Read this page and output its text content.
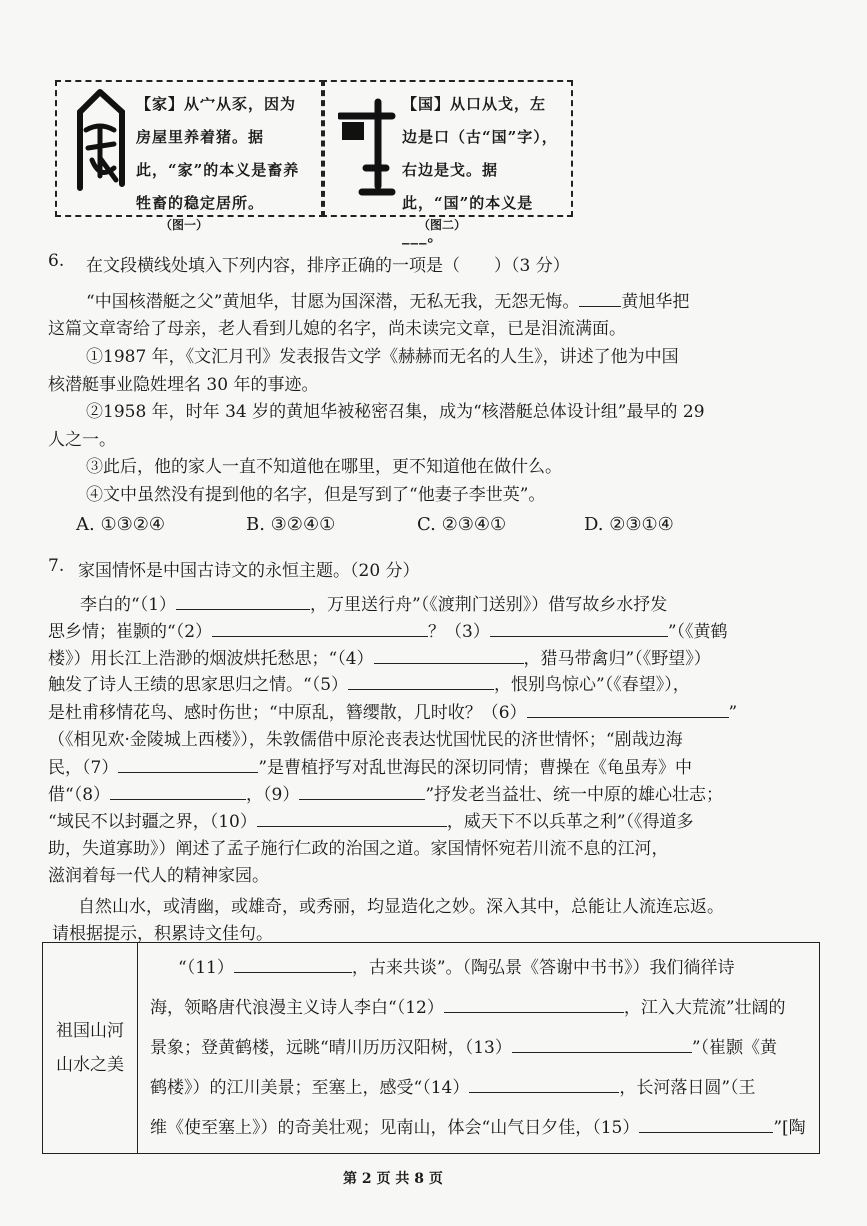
【家】从宀从豕，因为房屋里养着猪。据此，“家”的本义是畜养牲畜的稳定居所。
（图一）
【国】从口从戈，左边是口（古“国”字），右边是戈。据此，“国”的本义是___。
（图二）
6. 在文段横线处填入下列内容，排序正确的一项是（　　）（3 分）
“中国核潜艇之父”黄旭华，甘愿为国深潜，无私无我，无怨无悔。 黄旭华把
这篇文章寄给了母亲，老人看到儿媳的名字，尚未读完文章，已是泪流满面。
①1987 年，《文汇月刊》发表报告文学《赫赫而无名的人生》，讲述了他为中国
核潜艇事业隐姓埋名 30 年的事迹。
②1958 年，时年 34 岁的黄旭华被秘密召集，成为“核潜艇总体设计组”最早的 29
人之一。
③此后，他的家人一直不知道他在哪里，更不知道他在做什么。
④文中虽然没有提到他的名字，但是写到了“他妻子李世英”。
A. ①③②④	B. ③②④①	C. ②③④①	D. ②③①④
7. 家国情怀是中国古诗文的永恒主题。（20 分）
李白的“（1）	，万里送行舟”（《渡荆门送别》）借写故乡水抒发
思乡情；崔颢的“（2）	？（3）	”（《黄鹤
楼》）用长江上浩渺的烟波烘托愁思；“（4）	，猎马带禽归”（《野望》）
触发了诗人王绩的思家思归之情。“（5）	，恨别鸟惊心”（《春望》），
是杜甫移情花鸟、感时伤世；“中原乱，簪缨散，几时收？（6）	”
（《相见欢·金陵城上西楼》），朱敦儒借中原沦丧表达忧国忧民的济世情怀；“剧哉边海
民，（7）	”是曹植抒写对乱世海民的深切同情；曹操在《龟虽寿》中
借“（8）	，（9）	”抒发老当益壮、统一中原的雄心壮志；
“域民不以封疆之界，（10）	，威天下不以兵革之利”（《得道多
助，失道寡助》）阐述了孟子施行仁政的治国之道。家国情怀宛若川流不息的江河，
滋润着每一代人的精神家园。
自然山水，或清幽，或雄奇，或秀丽，均显造化之妙。深入其中，总能让人流连忘返。
请根据提示，积累诗文佳句。
祖国山河
山水之美

“（11）	，古来共谈”。（陶弘景《答谢中书书》）我们徜徉诗
海，领略唐代浪漫主义诗人李白“（12）	，江入大荒流”壮阔的
景象；登黄鹤楼，远眺“晴川历历汉阳树，（13）	”（崔颢《黄
鹤楼》）的江川美景；至塞上，感受“（14）	，长河落日圆”（王
维《使至塞上》）的奇美壮观；见南山，体会“山气日夕佳，（15）	”[陶
第 2 页 共 8 页
